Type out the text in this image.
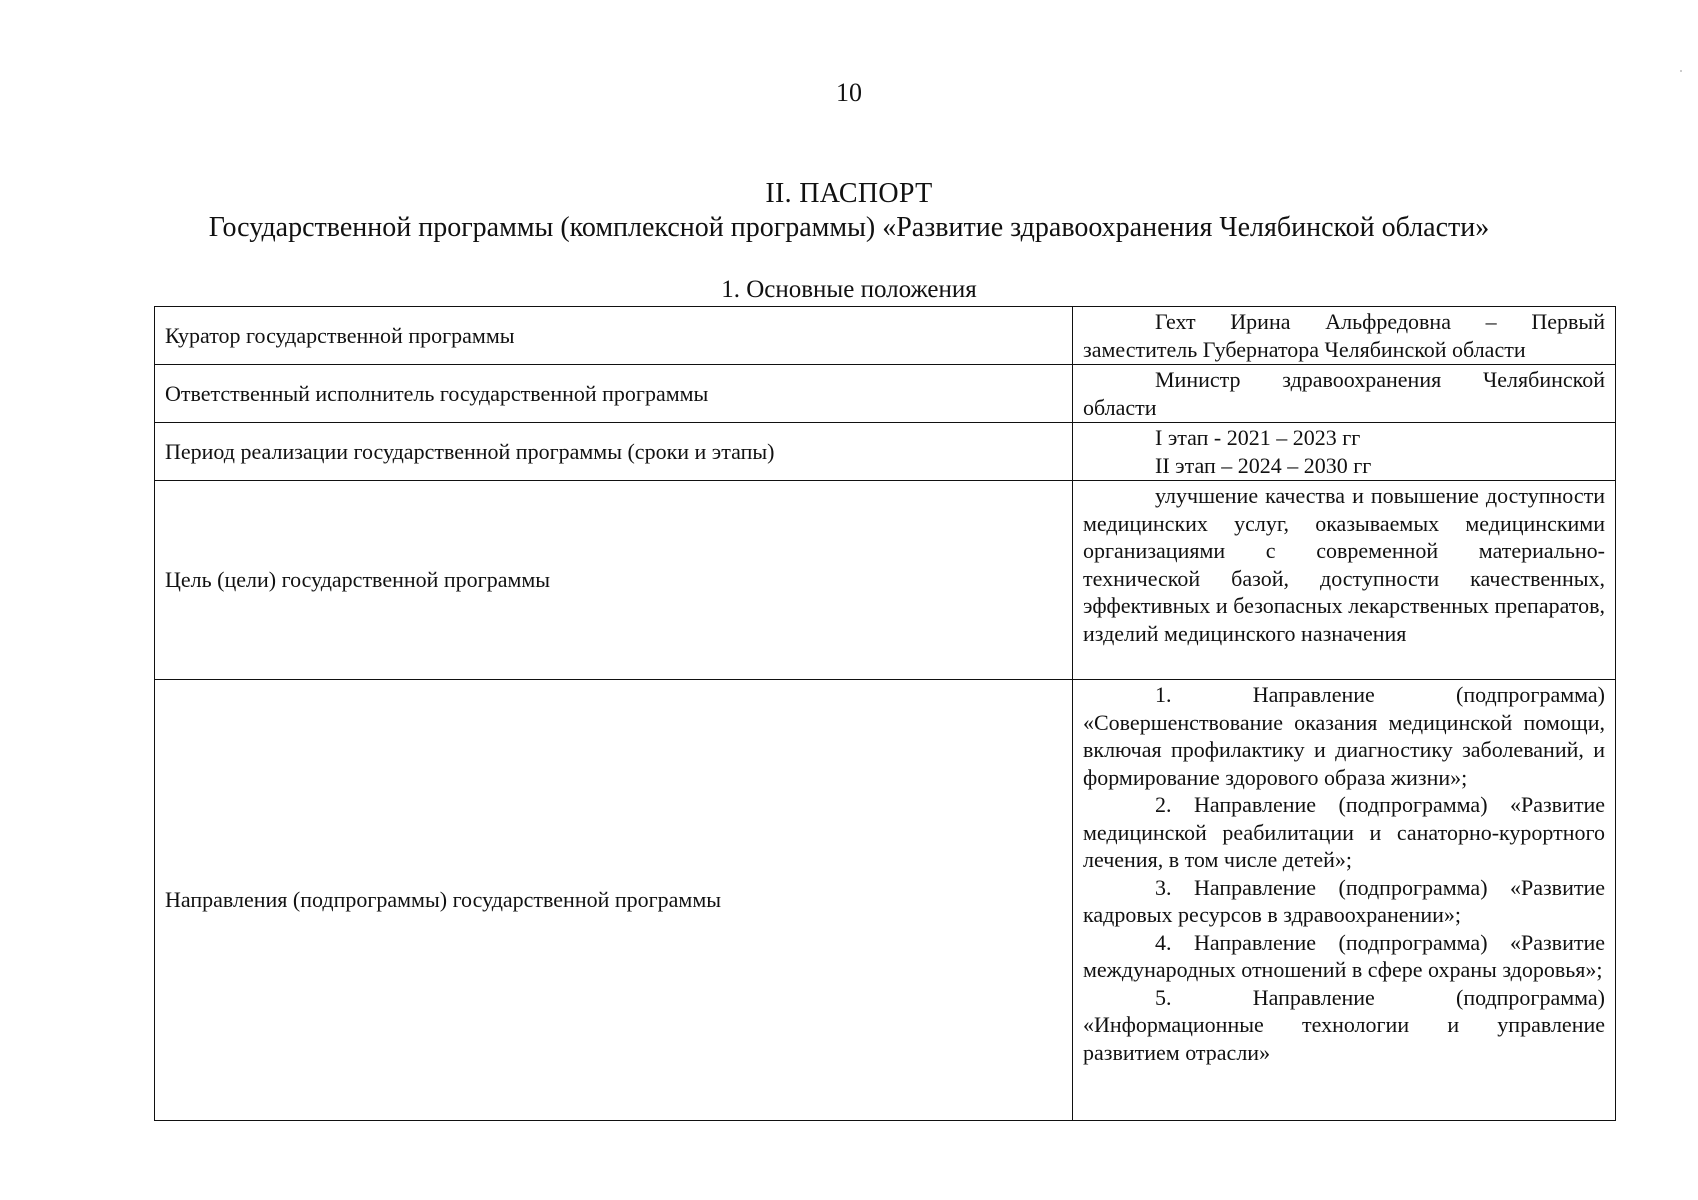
10
II. ПАСПОРТ
Государственной программы (комплексной программы) «Развитие здравоохранения Челябинской области»
1. Основные положения
Куратор государственной программы	Гехт Ирина Альфредовна – Первый заместитель Губернатора Челябинской области

Ответственный исполнитель государственной программы	Министр здравоохранения Челябинской области

Период реализации государственной программы (сроки и этапы)	I этап - 2021 – 2023 гг

II этап – 2024 – 2030 гг

Цель (цели) государственной программы	улучшение качества и повышение доступности медицинских услуг, оказываемых медицинскими организациями с современной материально-технической базой, доступности качественных, эффективных и безопасных лекарственных препаратов, изделий медицинского назначения

Направления (подпрограммы) государственной программы	1. Направление (подпрограмма) «Совершенствование оказания медицинской помощи, включая профилактику и диагностику заболеваний, и формирование здорового образа жизни»;

2. Направление (подпрограмма) «Развитие медицинской реабилитации и санаторно-курортного лечения, в том числе детей»;

3. Направление (подпрограмма) «Развитие кадровых ресурсов в здравоохранении»;

4. Направление (подпрограмма) «Развитие международных отношений в сфере охраны здоровья»;

5. Направление (подпрограмма) «Информационные технологии и управление развитием отрасли»
